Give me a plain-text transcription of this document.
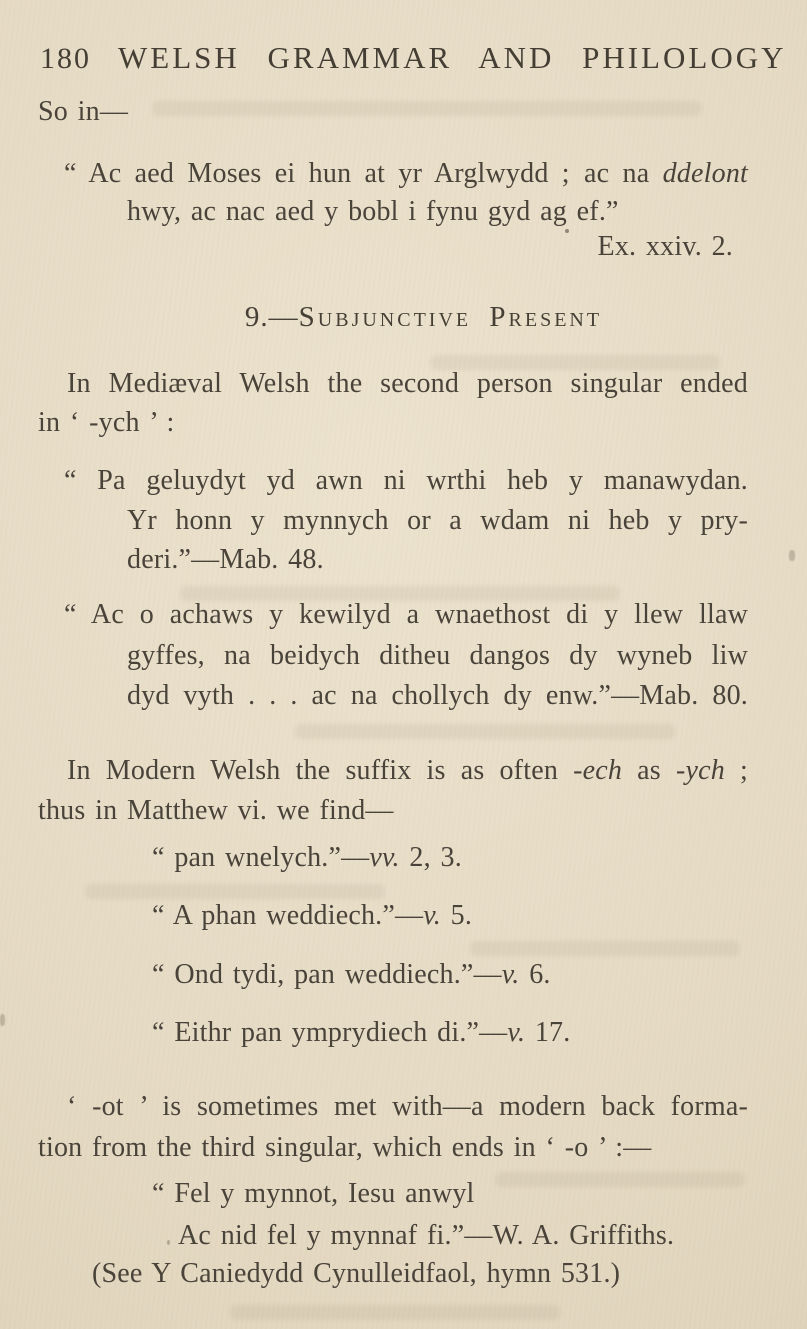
180 WELSH GRAMMAR AND PHILOLOGY
So in—
“ Ac aed Moses ei hun at yr Arglwydd ; ac na ddelont
hwy, ac nac aed y bobl i fynu gyd ag ef.”
Ex. xxiv. 2.
9.—Subjunctive Present
In Mediæval Welsh the second person singular ended
in ‘ -ych ’ :
“ Pa geluydyt yd awn ni wrthi heb y manawydan.
Yr honn y mynnych or a wdam ni heb y pry-
deri.”—Mab. 48.
“ Ac o achaws y kewilyd a wnaethost di y llew llaw
gyffes, na beidych ditheu dangos dy wyneb liw
dyd vyth . . . ac na chollych dy enw.”—Mab. 80.
In Modern Welsh the suffix is as often -ech as -ych ;
thus in Matthew vi. we find—
“ pan wnelych.”—vv. 2, 3.
“ A phan weddiech.”—v. 5.
“ Ond tydi, pan weddiech.”—v. 6.
“ Eithr pan ymprydiech di.”—v. 17.
‘ -ot ’ is sometimes met with—a modern back forma-
tion from the third singular, which ends in ‘ -o ’ :—
“ Fel y mynnot, Iesu anwyl
Ac nid fel y mynnaf fi.”—W. A. Griffiths.
(See Y Caniedydd Cynulleidfaol, hymn 531.)
